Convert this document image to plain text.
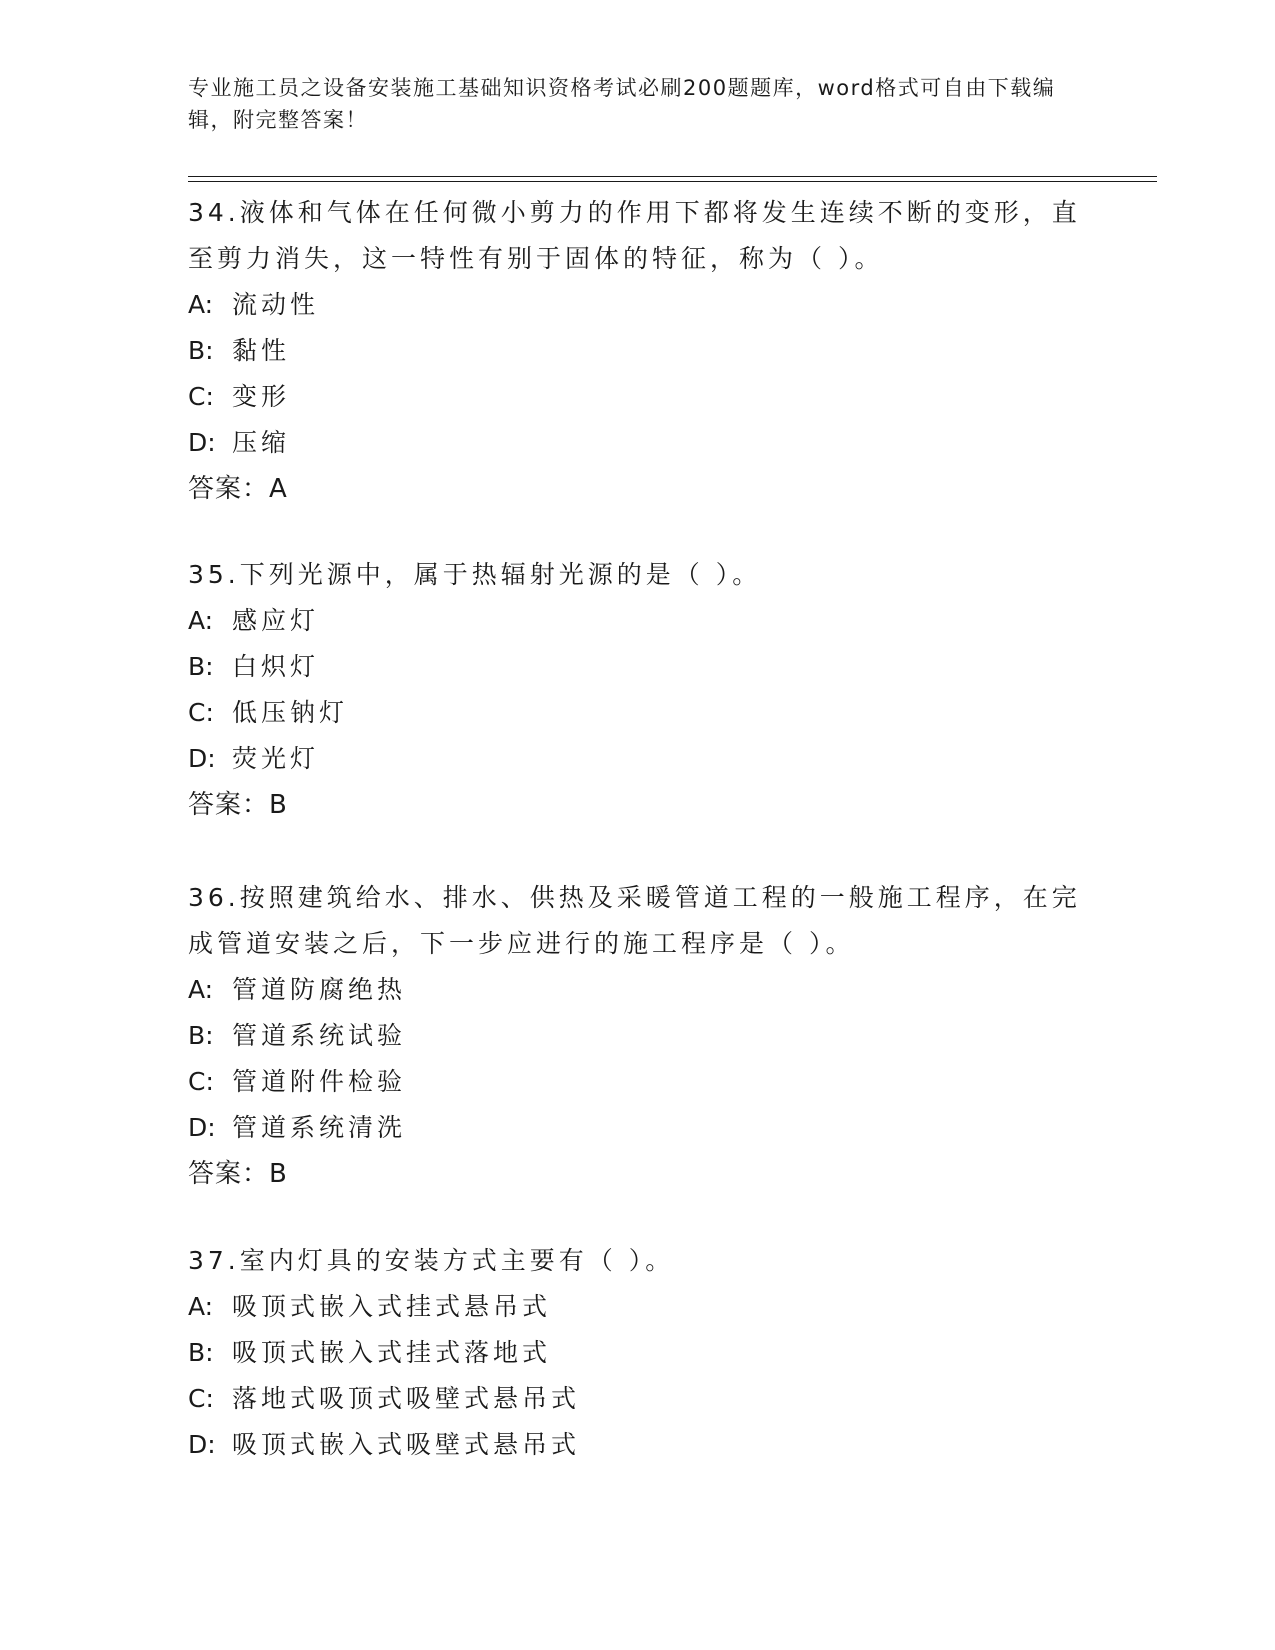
专业施工员之设备安装施工基础知识资格考试必刷200题题库，word格式可自由下载编辑，附完整答案！

34.液体和气体在任何微小剪力的作用下都将发生连续不断的变形，直至剪力消失，这一特性有别于固体的特征，称为（ ）。

A: 流动性

B: 黏性

C: 变形

D: 压缩

答案：A

35.下列光源中，属于热辐射光源的是（ ）。

A: 感应灯

B: 白炽灯

C: 低压钠灯

D: 荧光灯

答案：B

36.按照建筑给水、排水、供热及采暖管道工程的一般施工程序，在完成管道安装之后，下一步应进行的施工程序是（ ）。

A: 管道防腐绝热

B: 管道系统试验

C: 管道附件检验

D: 管道系统清洗

答案：B

37.室内灯具的安装方式主要有（ ）。

A: 吸顶式嵌入式挂式悬吊式

B: 吸顶式嵌入式挂式落地式

C: 落地式吸顶式吸壁式悬吊式

D: 吸顶式嵌入式吸壁式悬吊式
